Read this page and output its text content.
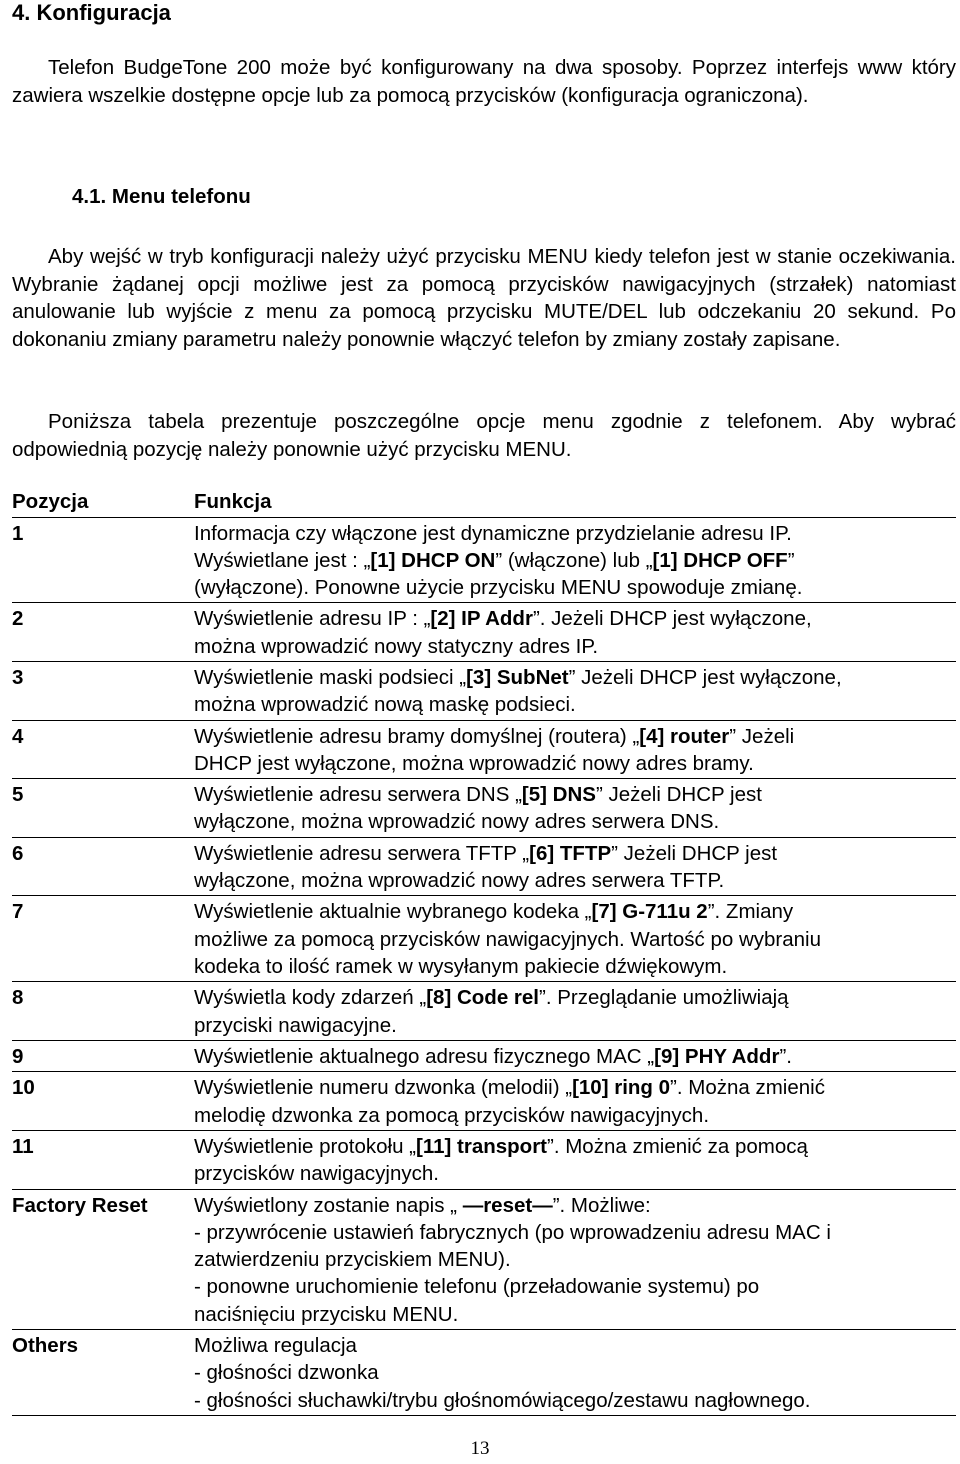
4. Konfiguracja
Telefon BudgeTone 200 może być konfigurowany na dwa sposoby. Poprzez interfejs www który zawiera wszelkie dostępne opcje lub za pomocą przycisków (konfiguracja ograniczona).
4.1. Menu telefonu
Aby wejść w tryb konfiguracji należy użyć przycisku MENU kiedy telefon jest w stanie oczekiwania. Wybranie żądanej opcji możliwe jest za pomocą przycisków nawigacyjnych (strzałek) natomiast anulowanie lub wyjście z menu za pomocą przycisku MUTE/DEL lub odczekaniu 20 sekund. Po dokonaniu zmiany parametru należy ponownie włączyć telefon by zmiany zostały zapisane.
Poniższa tabela prezentuje poszczególne opcje menu zgodnie z telefonem. Aby wybrać odpowiednią pozycję należy ponownie użyć przycisku MENU.
Pozycja	Funkcja
1	Informacja czy włączone jest dynamiczne przydzielanie adresu IP.
Wyświetlane jest : „[1] DHCP ON” (włączone) lub „[1] DHCP OFF”
(wyłączone). Ponowne użycie przycisku MENU spowoduje zmianę.
2	Wyświetlenie adresu IP : „[2] IP Addr”. Jeżeli DHCP jest wyłączone,
można wprowadzić nowy statyczny adres IP.
3	Wyświetlenie maski podsieci „[3] SubNet” Jeżeli DHCP jest wyłączone,
można wprowadzić nową maskę podsieci.
4	Wyświetlenie adresu bramy domyślnej (routera) „[4] router” Jeżeli
DHCP jest wyłączone, można wprowadzić nowy adres bramy.
5	Wyświetlenie adresu serwera DNS „[5] DNS” Jeżeli DHCP jest
wyłączone, można wprowadzić nowy adres serwera DNS.
6	Wyświetlenie adresu serwera TFTP „[6] TFTP” Jeżeli DHCP jest
wyłączone, można wprowadzić nowy adres serwera TFTP.
7	Wyświetlenie aktualnie wybranego kodeka „[7] G-711u 2”. Zmiany
możliwe za pomocą przycisków nawigacyjnych. Wartość po wybraniu
kodeka to ilość ramek w wysyłanym pakiecie dźwiękowym.
8	Wyświetla kody zdarzeń „[8] Code rel”. Przeglądanie umożliwiają
przyciski nawigacyjne.
9	Wyświetlenie aktualnego adresu fizycznego MAC „[9] PHY Addr”.
10	Wyświetlenie numeru dzwonka (melodii) „[10] ring 0”. Można zmienić
melodię dzwonka za pomocą przycisków nawigacyjnych.
11	Wyświetlenie protokołu „[11] transport”. Można zmienić za pomocą
przycisków nawigacyjnych.
Factory Reset	Wyświetlony zostanie napis „ —reset—”. Możliwe:
- przywrócenie ustawień fabrycznych (po wprowadzeniu adresu MAC i
zatwierdzeniu przyciskiem MENU).
- ponowne uruchomienie telefonu (przeładowanie systemu) po
naciśnięciu przycisku MENU.
Others	Możliwa regulacja
- głośności dzwonka
- głośności słuchawki/trybu głośnomówiącego/zestawu nagłownego.
13
